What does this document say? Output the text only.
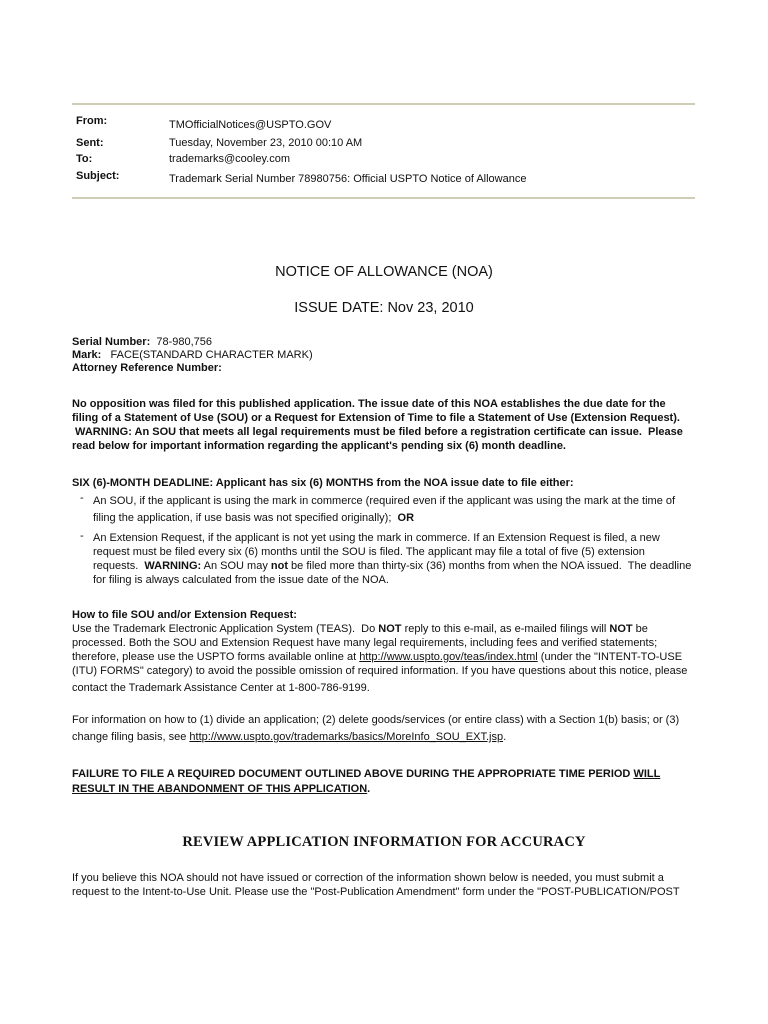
From:	TMOfficialNotices@USPTO.GOV
Sent:	Tuesday, November 23, 2010 00:10 AM
To:	trademarks@cooley.com
Subject:	Trademark Serial Number 78980756: Official USPTO Notice of Allowance
NOTICE OF ALLOWANCE (NOA)
ISSUE DATE: Nov 23, 2010
Serial Number: 78-980,756
Mark: FACE(STANDARD CHARACTER MARK)
Attorney Reference Number:
No opposition was filed for this published application. The issue date of this NOA establishes the due date for the
filing of a Statement of Use (SOU) or a Request for Extension of Time to file a Statement of Use (Extension Request).
WARNING: An SOU that meets all legal requirements must be filed before a registration certificate can issue.  Please
read below for important information regarding the applicant's pending six (6) month deadline.
SIX (6)-MONTH DEADLINE: Applicant has six (6) MONTHS from the NOA issue date to file either:
- An SOU, if the applicant is using the mark in commerce (required even if the applicant was using the mark at the time of
filing the application, if use basis was not specified originally); OR
- An Extension Request, if the applicant is not yet using the mark in commerce. If an Extension Request is filed, a new
request must be filed every six (6) months until the SOU is filed. The applicant may file a total of five (5) extension
requests.  WARNING: An SOU may not be filed more than thirty-six (36) months from when the NOA issued.  The deadline
for filing is always calculated from the issue date of the NOA.
How to file SOU and/or Extension Request:
Use the Trademark Electronic Application System (TEAS).  Do NOT reply to this e-mail, as e-mailed filings will NOT be
processed. Both the SOU and Extension Request have many legal requirements, including fees and verified statements;
therefore, please use the USPTO forms available online at http://www.uspto.gov/teas/index.html (under the "INTENT-TO-USE
(ITU) FORMS" category) to avoid the possible omission of required information. If you have questions about this notice, please
contact the Trademark Assistance Center at 1-800-786-9199.
For information on how to (1) divide an application; (2) delete goods/services (or entire class) with a Section 1(b) basis; or (3)
change filing basis, see http://www.uspto.gov/trademarks/basics/MoreInfo_SOU_EXT.jsp.
FAILURE TO FILE A REQUIRED DOCUMENT OUTLINED ABOVE DURING THE APPROPRIATE TIME PERIOD WILL
RESULT IN THE ABANDONMENT OF THIS APPLICATION.
REVIEW APPLICATION INFORMATION FOR ACCURACY
If you believe this NOA should not have issued or correction of the information shown below is needed, you must submit a
request to the Intent-to-Use Unit. Please use the "Post-Publication Amendment" form under the "POST-PUBLICATION/POST
